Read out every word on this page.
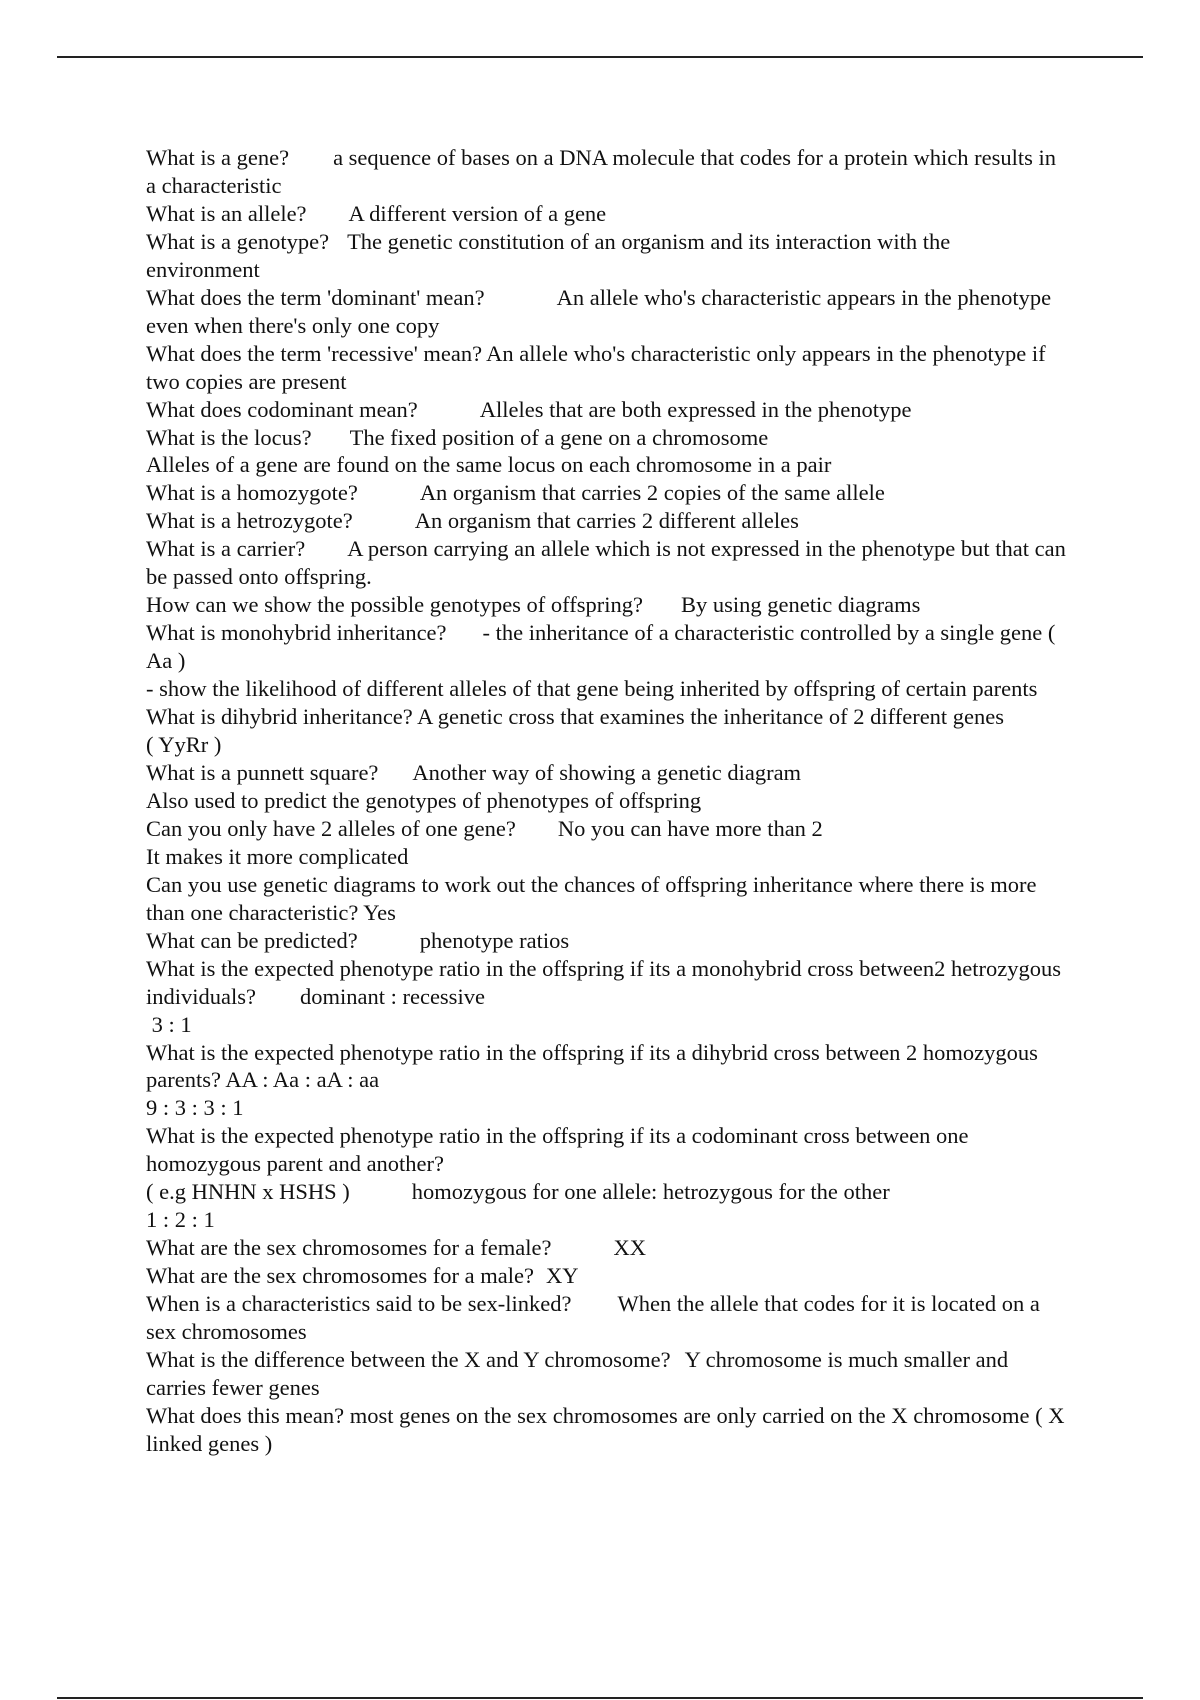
What is a gene? a sequence of bases on a DNA molecule that codes for a protein which results in a characteristic

What is an allele? A different version of a gene

What is a genotype? The genetic constitution of an organism and its interaction with the environment

What does the term 'dominant' mean?	An allele who's characteristic appears in the phenotype even when there's only one copy

What does the term 'recessive' mean? An allele who's characteristic only appears in the phenotype if two copies are present

What does codominant mean?	Alleles that are both expressed in the phenotype

What is the locus? The fixed position of a gene on a chromosome

Alleles of a gene are found on the same locus on each chromosome in a pair

What is a homozygote?	An organism that carries 2 copies of the same allele

What is a hetrozygote?	An organism that carries 2 different alleles

What is a carrier? A person carrying an allele which is not expressed in the phenotype but that can be passed onto offspring.

How can we show the possible genotypes of offspring? By using genetic diagrams

What is monohybrid inheritance? - the inheritance of a characteristic controlled by a single gene ( Aa )

- show the likelihood of different alleles of that gene being inherited by offspring of certain parents

What is dihybrid inheritance? A genetic cross that examines the inheritance of 2 different genes

( YyRr )

What is a punnett square? Another way of showing a genetic diagram

Also used to predict the genotypes of phenotypes of offspring

Can you only have 2 alleles of one gene? No you can have more than 2

It makes it more complicated

Can you use genetic diagrams to work out the chances of offspring inheritance where there is more than one characteristic? Yes

What can be predicted?	phenotype ratios

What is the expected phenotype ratio in the offspring if its a monohybrid cross between2 hetrozygous individuals? dominant : recessive

3 : 1

What is the expected phenotype ratio in the offspring if its a dihybrid cross between 2 homozygous parents? AA : Aa : aA : aa

9 : 3 : 3 : 1

What is the expected phenotype ratio in the offspring if its a codominant cross between one homozygous parent and another?

( e.g HNHN x HSHS )	homozygous for one allele: hetrozygous for the other

1 : 2 : 1

What are the sex chromosomes for a female?	XX

What are the sex chromosomes for a male? XY

When is a characteristics said to be sex-linked? When the allele that codes for it is located on a sex chromosomes

What is the difference between the X and Y chromosome? Y chromosome is much smaller and carries fewer genes

What does this mean? most genes on the sex chromosomes are only carried on the X chromosome ( X linked genes )
